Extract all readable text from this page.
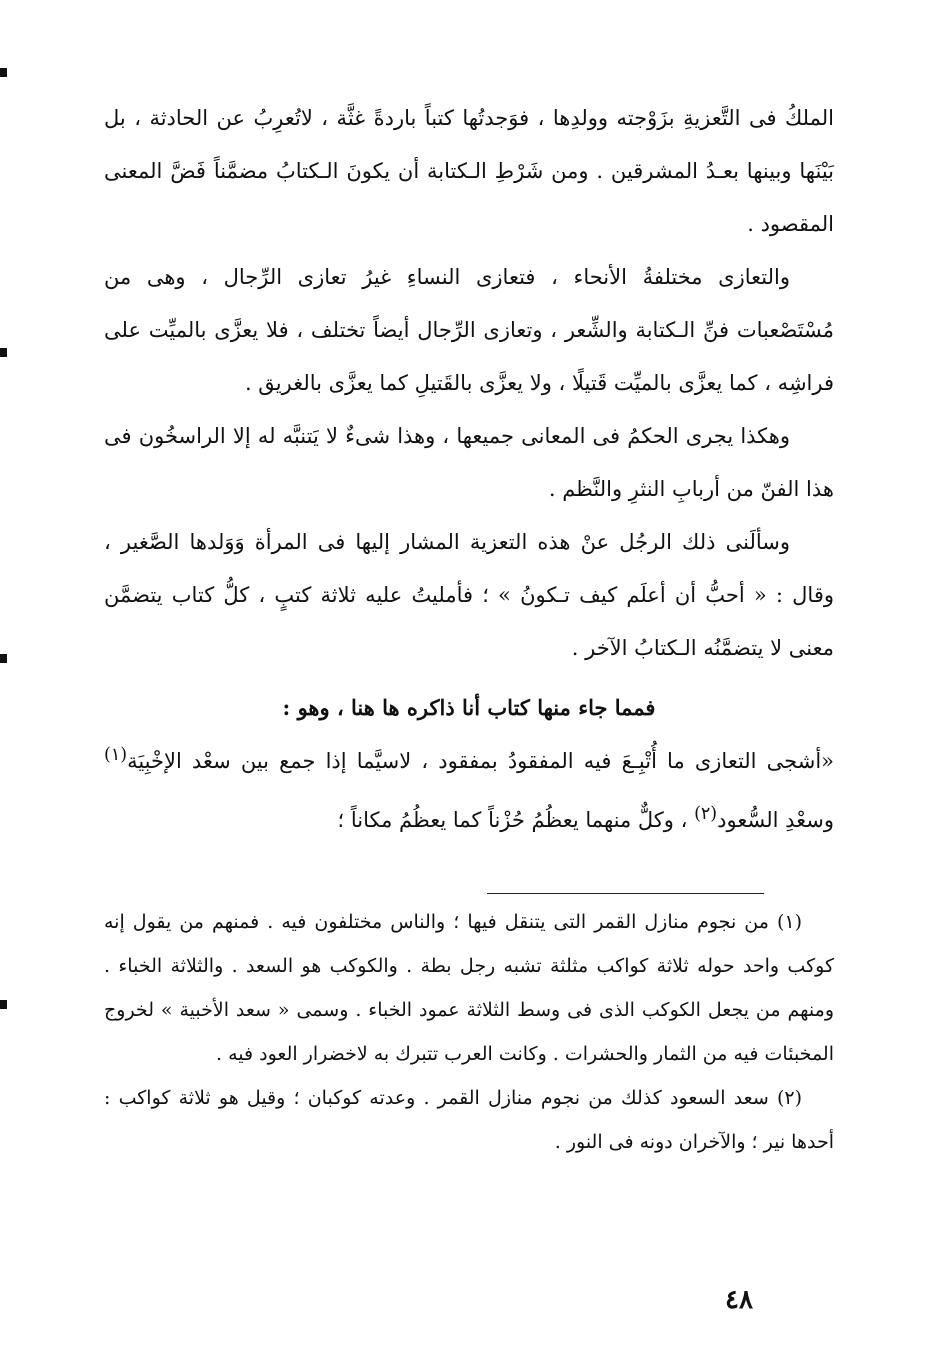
الملكُ فى التَّعزيةِ بزَوْجته وولدِها ، فوَجدتُها كتباً باردةً غثَّة ، لاتُعرِبُ عن الحادثة ، بل بَيْنَها وبينها بعـدُ المشرقين . ومن شَرْطِ الـكتابة أن يكونَ الـكتابُ مضمَّناً فَضَّ المعنى المقصود .

والتعازى مختلفةُ الأنحاء ، فتعازى النساءِ غيرُ تعازى الرِّجال ، وهى من مُسْتَصْعبات فنِّ الـكتابة والشِّعر ، وتعازى الرِّجال أيضاً تختلف ، فلا يعزَّى بالميِّت على فراشِه ، كما يعزَّى بالميِّت قَتيلًا ، ولا يعزَّى بالقَتيلِ كما يعزَّى بالغريق .

وهكذا يجرى الحكمُ فى المعانى جميعها ، وهذا شىءٌ لا يَتنبَّه له إلا الراسخُون فى هذا الفنّ من أربابِ النثرِ والنَّظم .

وسألَنى ذلك الرجُل عنْ هذه التعزية المشار إليها فى المرأة وَوَلدها الصَّغير ، وقال : « أحبُّ أن أعلَم كيف تـكونُ » ؛ فأمليتُ عليه ثلاثة كتبٍ ، كلُّ كتاب يتضمَّن معنى لا يتضمَّنُه الـكتابُ الآخر .

فمما جاء منها كتاب أنا ذاكره ها هنا ، وهو :

«أشجى التعازى ما أُتْبِـعَ فيه المفقودُ بمفقود ، لاسيَّما إذا جمع بين سعْد الإخْبِيَة$^{(١)}$ وسعْدِ السُّعود$^{(٢)}$ ، وكلٌّ منهما يعظُمُ حُزْناً كما يعظُمُ مكاناً ؛

(١) من نجوم منازل القمر التى يتنقل فيها ؛ والناس مختلفون فيه . فمنهم من يقول إنه كوكب واحد حوله ثلاثة كواكب مثلثة تشبه رجل بطة . والكوكب هو السعد . والثلاثة الخباء . ومنهم من يجعل الكوكب الذى فى وسط الثلاثة عمود الخباء . وسمى « سعد الأخبية » لخروج المخبئات فيه من الثمار والحشرات . وكانت العرب تتبرك به لاخضرار العود فيه .

(٢) سعد السعود كذلك من نجوم منازل القمر . وعدته كوكبان ؛ وقيل هو ثلاثة كواكب : أحدها نير ؛ والآخران دونه فى النور .

٤٨
